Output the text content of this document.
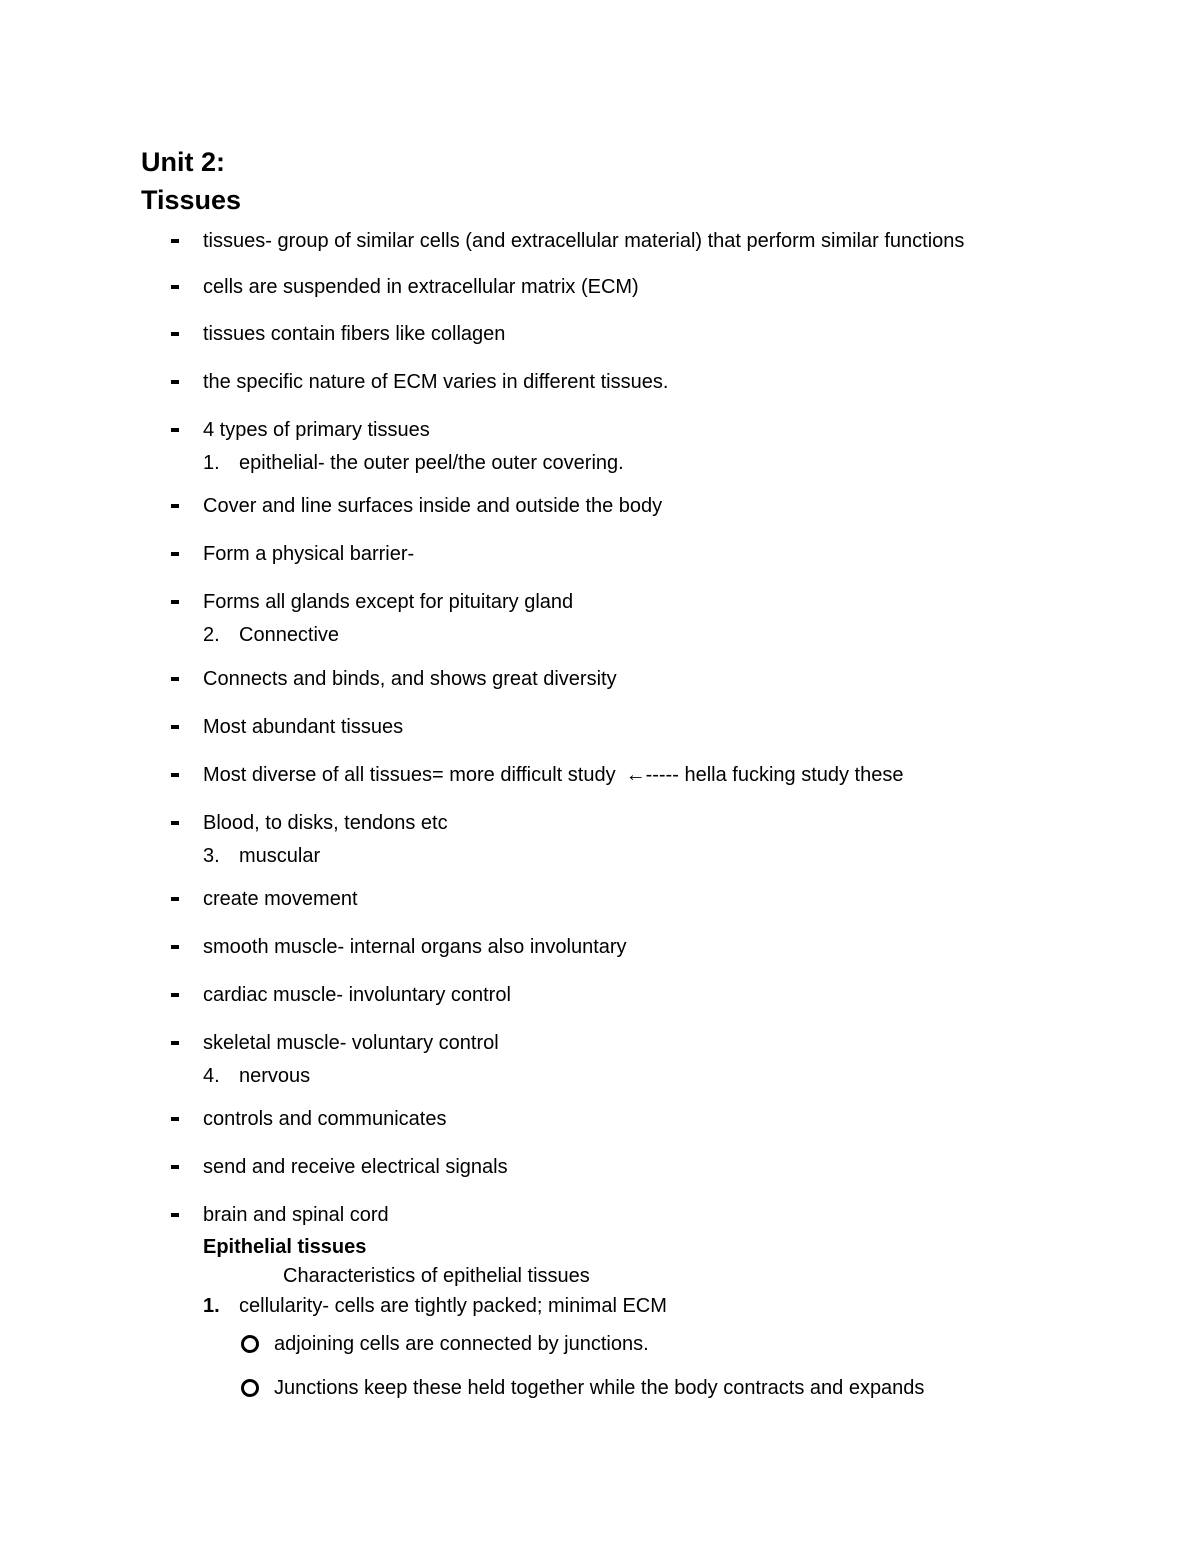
Unit 2:
Tissues
tissues- group of similar cells (and extracellular material) that perform similar functions
cells are suspended in extracellular matrix (ECM)
tissues contain fibers like collagen
the specific nature of ECM varies in different tissues.
4 types of primary tissues
1. epithelial- the outer peel/the outer covering.
Cover and line surfaces inside and outside the body
Form a physical barrier-
Forms all glands except for pituitary gland
2. Connective
Connects and binds, and shows great diversity
Most abundant tissues
Most diverse of all tissues= more difficult study ←----- hella fucking study these
Blood, to disks, tendons etc
3. muscular
create movement
smooth muscle- internal organs also involuntary
cardiac muscle- involuntary control
skeletal muscle- voluntary control
4. nervous
controls and communicates
send and receive electrical signals
brain and spinal cord
Epithelial tissues
Characteristics of epithelial tissues
1. cellularity- cells are tightly packed; minimal ECM
adjoining cells are connected by junctions.
Junctions keep these held together while the body contracts and expands
